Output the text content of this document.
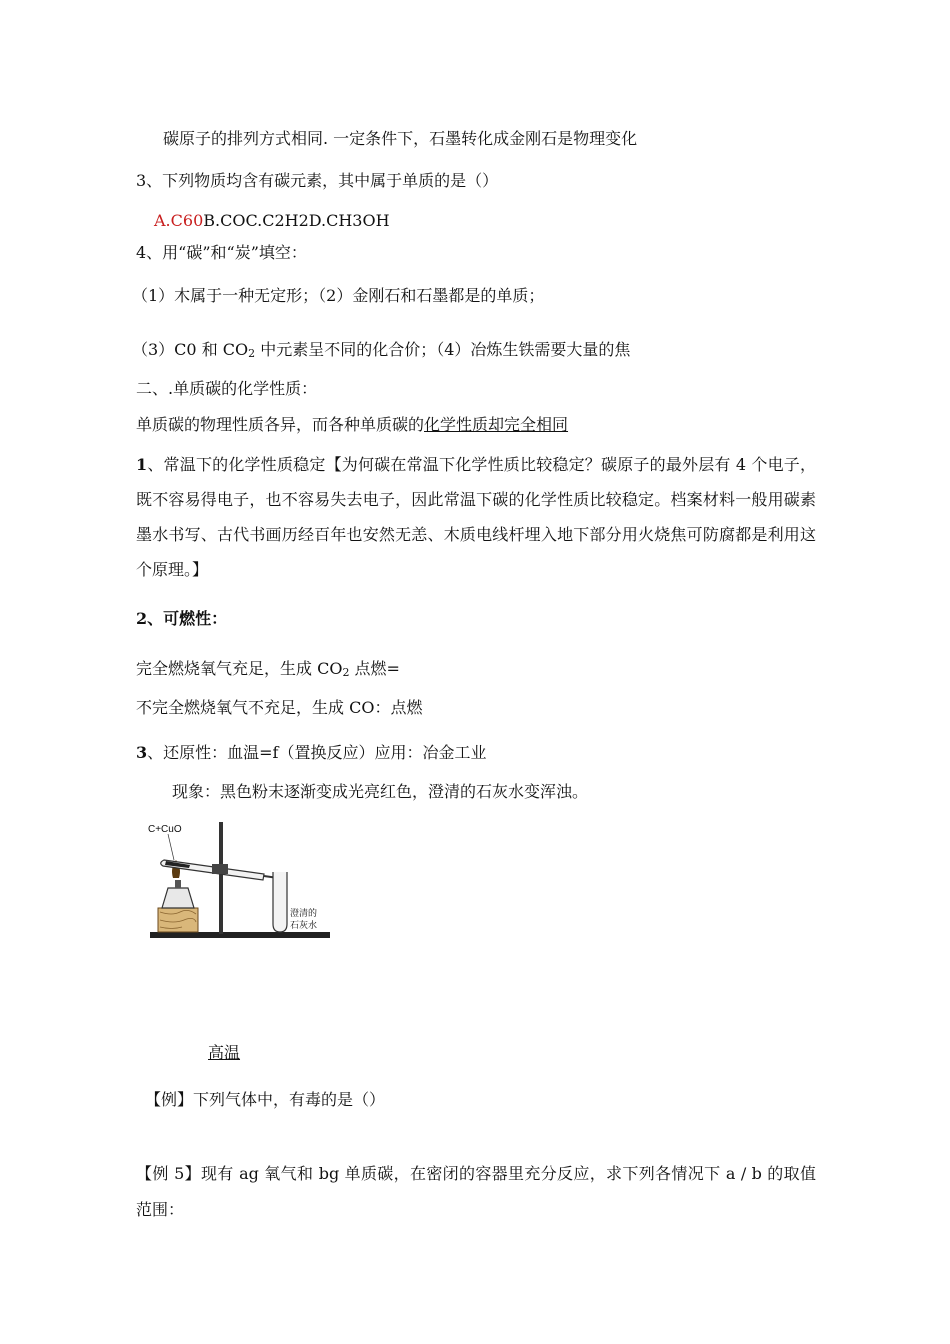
碳原子的排列方式相同. 一定条件下，石墨转化成金刚石是物理变化
3、下列物质均含有碳元素，其中属于单质的是（）
A.C60B.COC.C2H2D.CH3OH
4、用“碳”和“炭”填空：
（1）木属于一种无定形；（2）金刚石和石墨都是的单质；
（3）C0 和 $CO_2$ 中元素呈不同的化合价；（4）冶炼生铁需要大量的焦
二、.单质碳的化学性质：
单质碳的物理性质各异，而各种单质碳的化学性质却完全相同
1、常温下的化学性质稳定【为何碳在常温下化学性质比较稳定？碳原子的最外层有 4 个电子，既不容易得电子，也不容易失去电子，因此常温下碳的化学性质比较稳定。档案材料一般用碳素墨水书写、古代书画历经百年也安然无恙、木质电线杆埋入地下部分用火烧焦可防腐都是利用这个原理。】
2、可燃性：
完全燃烧氧气充足，生成 $CO_2$ 点燃=
不完全燃烧氧气不充足，生成 CO：点燃
3、还原性：血温=f（置换反应）应用：冶金工业
现象：黑色粉末逐渐变成光亮红色，澄清的石灰水变浑浊。
C+CuO
澄清的
石灰水
高温
【例】下列气体中，有毒的是（）
【例 5】现有 ag 氧气和 bg 单质碳，在密闭的容器里充分反应，求下列各情况下 a / b 的取值范围：
